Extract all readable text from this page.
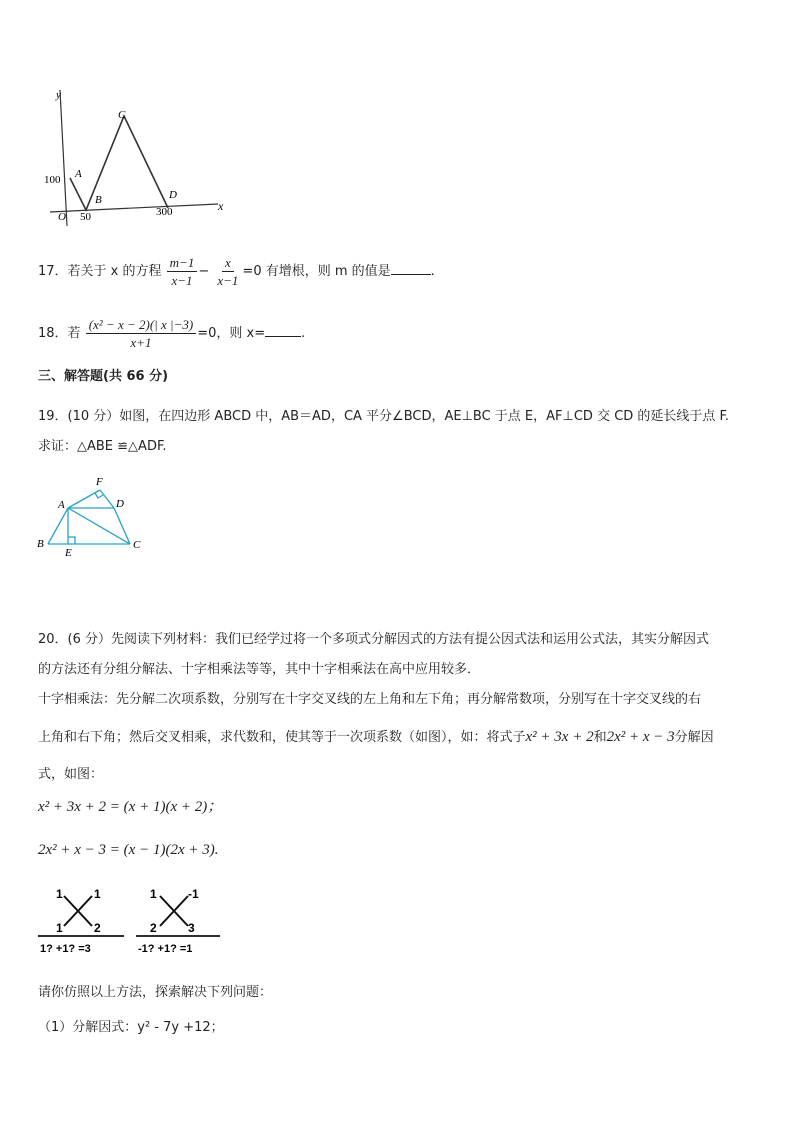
y
x
O
100
50	300
A
B
C
D
17．若关于 x 的方程 $\frac{m-1}{x-1} - \frac{x}{x-1} =0$ 有增根，则 m 的值是	.
18．若 $\frac{\text{(x² − x − 2)(| x |−3)}}{x+1} =0$，则 x=	.
三、解答题(共 66 分)
19．(10 分）如图，在四边形 ABCD 中，AB＝AD，CA 平分∠BCD，AE⊥BC 于点 E，AF⊥CD 交 CD 的延长线于点 F.
求证：△ABE ≌△ADF.
F
A	D
B
E
C
20．(6 分）先阅读下列材料：我们已经学过将一个多项式分解因式的方法有提公因式法和运用公式法，其实分解因式
的方法还有分组分解法、十字相乘法等等，其中十字相乘法在高中应用较多．
十字相乘法：先分解二次项系数，分别写在十字交叉线的左上角和左下角；再分解常数项，分别写在十字交叉线的右
上角和右下角；然后交叉相乘，求代数和，使其等于一次项系数（如图），如：将式子x² + 3x + 2和2x² + x − 3分解因
式，如图：
x² + 3x + 2 = (x + 1)(x + 2)；
2x² + x − 3 = (x − 1)(2x + 3).
1	1
1	2
1? +1? =3
1	-1
2	3
-1? +1? =1
请你仿照以上方法，探索解决下列问题：
（1）分解因式：y² - 7y +12；
